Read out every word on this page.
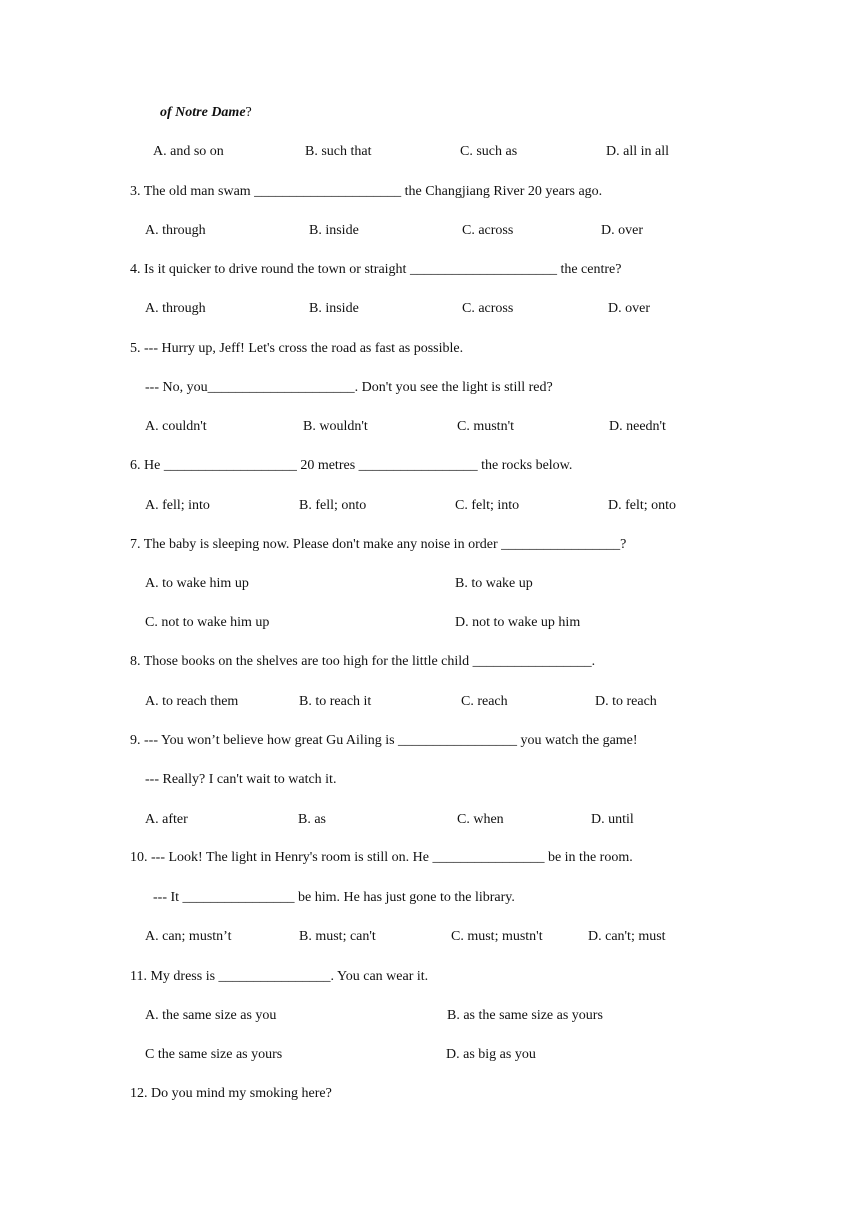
of Notre Dame?
A. and so on	B. such that	C. such as	D. all in all
3. The old man swam _____________________ the Changjiang River 20 years ago.
A. through	B. inside	C. across	D. over
4. Is it quicker to drive round the town or straight _____________________ the centre?
A. through	B. inside	C. across	D. over
5. --- Hurry up, Jeff! Let's cross the road as fast as possible.
--- No, you_____________________. Don't you see the light is still red?
A. couldn't	B. wouldn't	C. mustn't	D. needn't
6. He ___________________ 20 metres _________________ the rocks below.
A. fell; into	B. fell; onto	C. felt; into	D. felt; onto
7. The baby is sleeping now. Please don't make any noise in order _________________?
A. to wake him up	B. to wake up
C. not to wake him up	D. not to wake up him
8. Those books on the shelves are too high for the little child _________________.
A. to reach them	B. to reach it	C. reach	D. to reach
9. --- You won’t believe how great Gu Ailing is _________________ you watch the game!
--- Really? I can't wait to watch it.
A. after	B. as	C. when	D. until
10. --- Look! The light in Henry's room is still on. He ________________ be in the room.
--- It ________________ be him. He has just gone to the library.
A. can; mustn’t	B. must; can't	C. must; mustn't	D. can't; must
11. My dress is ________________. You can wear it.
A. the same size as you	B. as the same size as yours
C the same size as yours	D. as big as you
12. Do you mind my smoking here?
